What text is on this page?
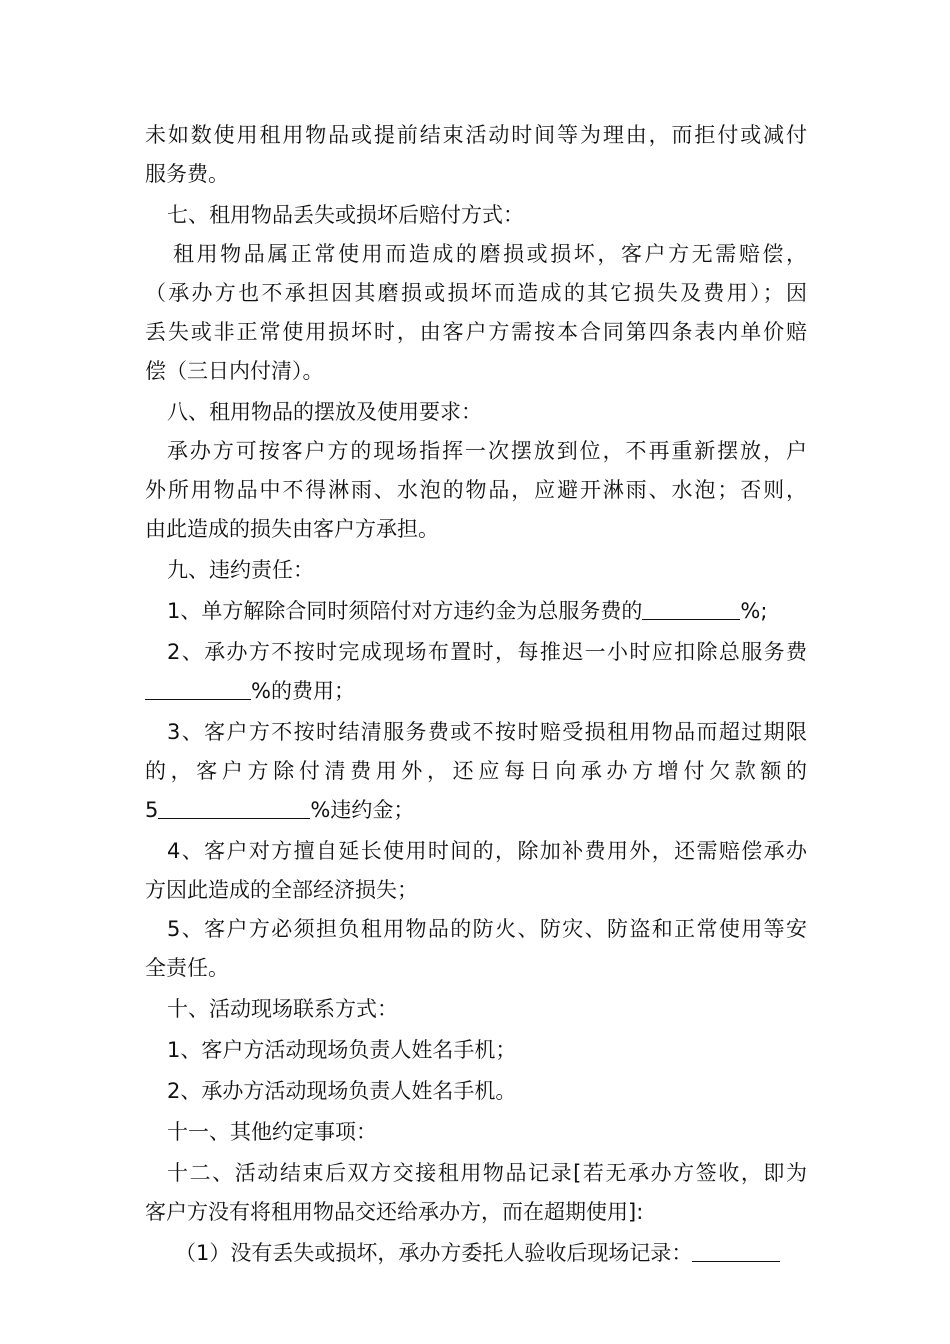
未如数使用租用物品或提前结束活动时间等为理由，而拒付或减付
服务费。
七、租用物品丢失或损坏后赔付方式：
租用物品属正常使用而造成的磨损或损坏，客户方无需赔偿，
（承办方也不承担因其磨损或损坏而造成的其它损失及费用）；因
丢失或非正常使用损坏时，由客户方需按本合同第四条表内单价赔
偿（三日内付清）。
八、租用物品的摆放及使用要求：
承办方可按客户方的现场指挥一次摆放到位，不再重新摆放，户
外所用物品中不得淋雨、水泡的物品，应避开淋雨、水泡；否则，
由此造成的损失由客户方承担。
九、违约责任：
1、单方解除合同时须陪付对方违约金为总服务费的	%;
2、承办方不按时完成现场布置时，每推迟一小时应扣除总服务费
%的费用；
3、客户方不按时结清服务费或不按时赔受损租用物品而超过期限
的，客户方除付清费用外，还应每日向承办方增付欠款额的
5	%违约金；
4、客户对方擅自延长使用时间的，除加补费用外，还需赔偿承办
方因此造成的全部经济损失；
5、客户方必须担负租用物品的防火、防灾、防盗和正常使用等安
全责任。
十、活动现场联系方式：
1、客户方活动现场负责人姓名手机；
2、承办方活动现场负责人姓名手机。
十一、其他约定事项：
十二、活动结束后双方交接租用物品记录[若无承办方签收，即为
客户方没有将租用物品交还给承办方，而在超期使用]:
（1）没有丢失或损坏，承办方委托人验收后现场记录：
